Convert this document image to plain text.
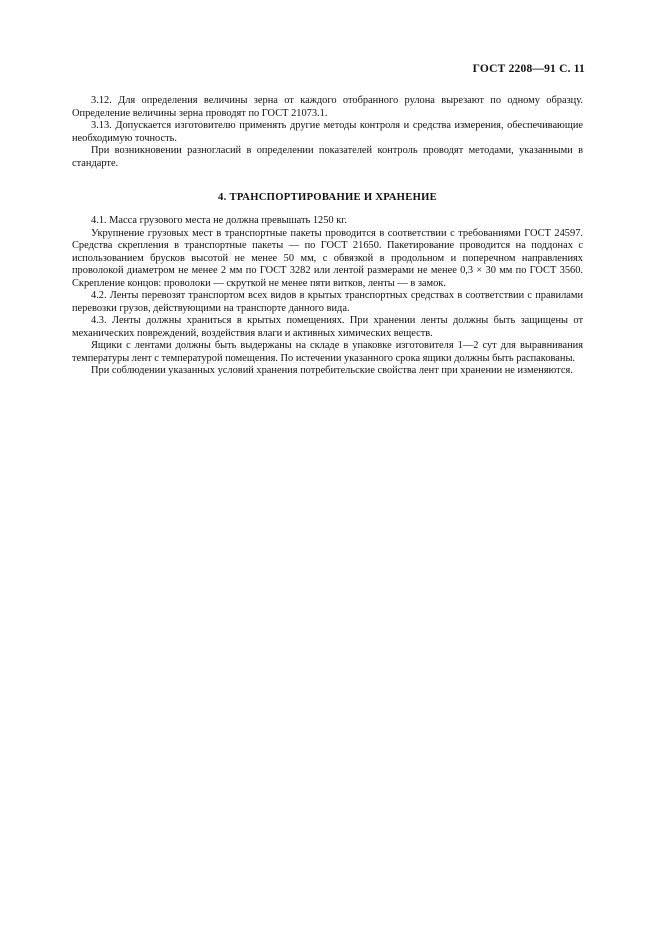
ГОСТ 2208—91 С. 11

3.12. Для определения величины зерна от каждого отобранного рулона вырезают по одному образцу. Определение величины зерна проводят по ГОСТ 21073.1.

3.13. Допускается изготовителю применять другие методы контроля и средства измерения, обеспечивающие необходимую точность.

При возникновении разногласий в определении показателей контроль проводят методами, указанными в стандарте.

4. ТРАНСПОРТИРОВАНИЕ И ХРАНЕНИЕ

4.1. Масса грузового места не должна превышать 1250 кг.

Укрупнение грузовых мест в транспортные пакеты проводится в соответствии с требованиями ГОСТ 24597. Средства скрепления в транспортные пакеты — по ГОСТ 21650. Пакетирование проводится на поддонах с использованием брусков высотой не менее 50 мм, с обвязкой в продольном и поперечном направлениях проволокой диаметром не менее 2 мм по ГОСТ 3282 или лентой размерами не менее 0,3 × 30 мм по ГОСТ 3560. Скрепление концов: проволоки — скруткой не менее пяти витков, ленты — в замок.

4.2. Ленты перевозят транспортом всех видов в крытых транспортных средствах в соответствии с правилами перевозки грузов, действующими на транспорте данного вида.

4.3. Ленты должны храниться в крытых помещениях. При хранении ленты должны быть защищены от механических повреждений, воздействия влаги и активных химических веществ.

Ящики с лентами должны быть выдержаны на складе в упаковке изготовителя 1—2 сут для выравнивания температуры лент с температурой помещения. По истечении указанного срока ящики должны быть распакованы.

При соблюдении указанных условий хранения потребительские свойства лент при хранении не изменяются.
